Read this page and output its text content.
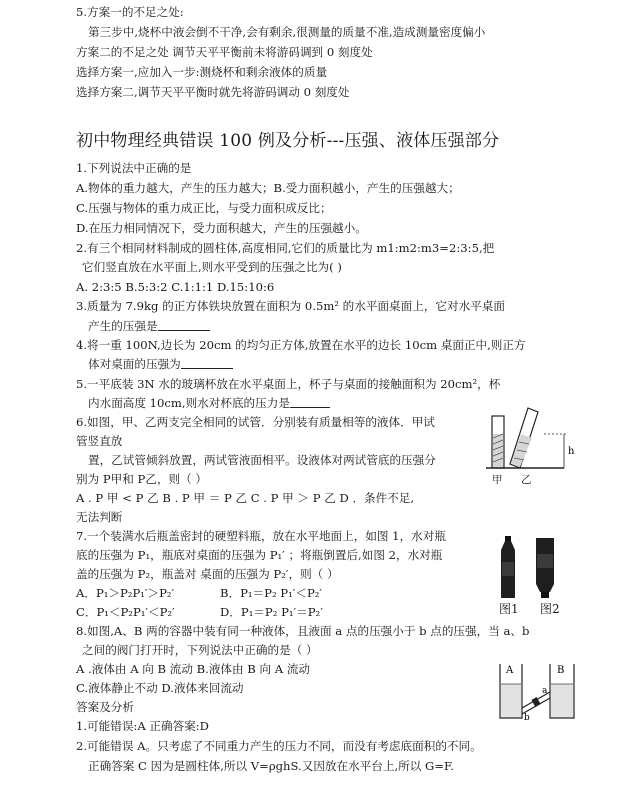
5.方案一的不足之处:
第三步中,烧杯中液会倒不干净,会有剩余,很测量的质量不准,造成测量密度偏小
方案二的不足之处 调节天平平衡前未将游码调到 0 刻度处
选择方案一,应加入一步:测烧杯和剩余液体的质量
选择方案二,调节天平平衡时就先将游码调动 0 刻度处
初中物理经典错误 100 例及分析---压强、液体压强部分
1.下列说法中正确的是
A.物体的重力越大，产生的压力越大；B.受力面积越小，产生的压强越大；
C.压强与物体的重力成正比，与受力面积成反比；
D.在压力相同情况下，受力面积越大，产生的压强越小。
2.有三个相同材料制成的圆柱体,高度相同,它们的质量比为 m1:m2:m3=2:3:5,把
它们竖直放在水平面上,则水平受到的压强之比为( )
A. 2:3:5 B.5:3:2 C.1:1:1 D.15:10:6
3.质量为 7.9kg 的正方体铁块放置在面积为 0.5m² 的水平面桌面上，它对水平桌面
产生的压强是
4.将一重 100N,边长为 20cm 的均匀正方体,放置在水平的边长 10cm 桌面正中,则正方
体对桌面的压强为
5.一平底装 3N 水的玻璃杯放在水平桌面上，杯子与桌面的接触面积为 20cm²，杯
内水面高度 10cm,则水对杯底的压力是
6.如图，甲、乙两支完全相同的试管．分别装有质量相等的液体．甲试
管竖直放
置，乙试管倾斜放置，两试管液面相平。设液体对两试管底的压强分
别为 P甲和 P乙，则（ ）
A . P 甲 < P 乙 B . P 甲 ＝ P 乙 C . P 甲 ＞ P 乙 D ．条件不足,
无法判断
h
甲 乙
7.一个装满水后瓶盖密封的硬塑料瓶，放在水平地面上，如图 1，水对瓶
底的压强为 P₁，瓶底对桌面的压强为 P₁′ ；将瓶倒置后,如图 2，水对瓶
盖的压强为 P₂，瓶盖对 桌面的压强为 P₂′，则（ ）
A．P₁＞P₂P₁′＞P₂′	B．P₁＝P₂ P₁′＜P₂′
C．P₁＜P₂P₁′＜P₂′	D．P₁＝P₂ P₁′＝P₂′	图1 图2
8.如图,A、B 两的容器中装有同一种液体，且液面 a 点的压强小于 b 点的压强，当 a、b
之间的阀门打开时，下列说法中正确的是（ ）
A .液体由 A 向 B 流动 B.液体由 B 向 A 流动
C.液体静止不动 D.液体来回流动
A	B
a
b
答案及分析
1.可能错误:A 正确答案:D
2.可能错误 A。只考虑了不同重力产生的压力不同，而没有考虑底面积的不同。
正确答案 C 因为是圆柱体,所以 V=ρghS.又因放在水平台上,所以 G=F.
